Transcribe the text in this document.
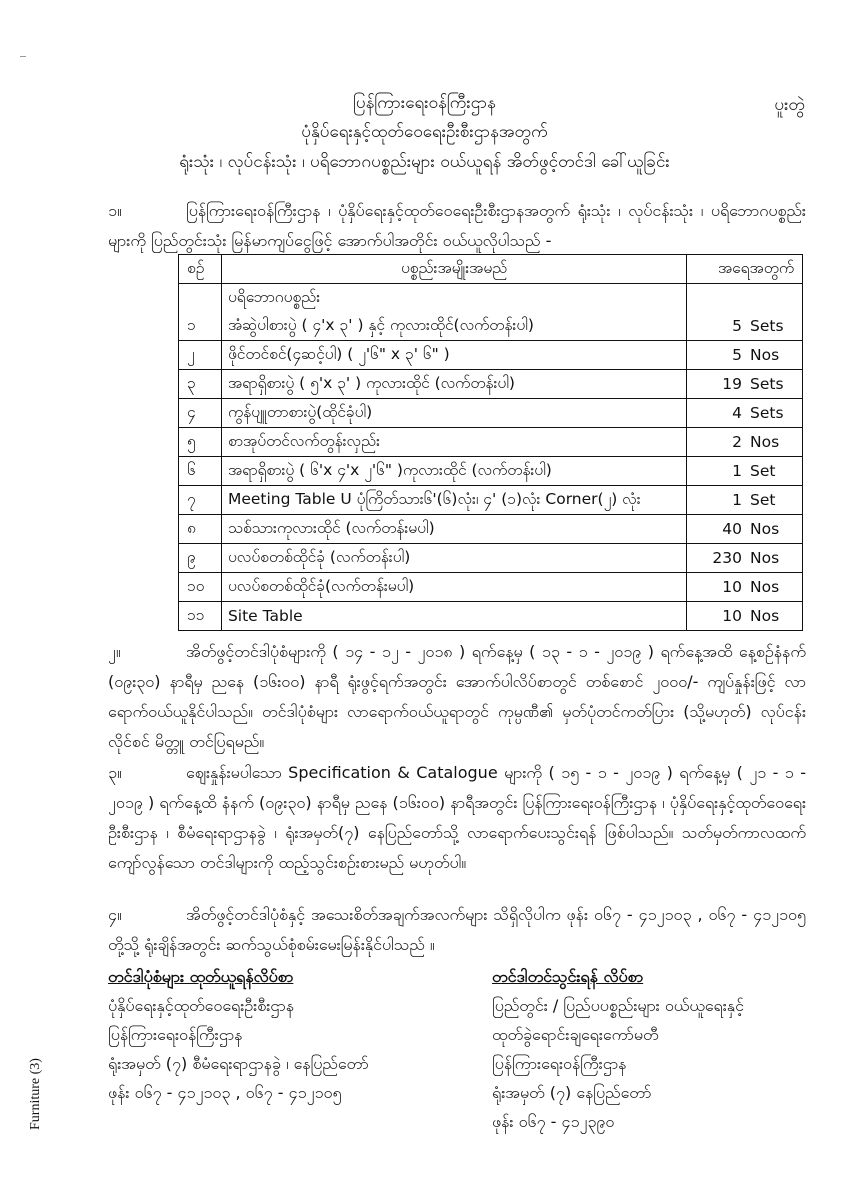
ပူးတွဲ
ပြန်ကြားရေးဝန်ကြီးဌာန
ပုံနှိပ်ရေးနှင့်ထုတ်ဝေရေးဦးစီးဌာနအတွက်
ရုံးသုံး ၊ လုပ်ငန်းသုံး ၊ ပရိဘောဂပစ္စည်းများ ဝယ်ယူရန် အိတ်ဖွင့်တင်ဒါ ခေါ်ယူခြင်း
၁။	ပြန်ကြားရေးဝန်ကြီးဌာန ၊ ပုံနှိပ်ရေးနှင့်ထုတ်ဝေရေးဦးစီးဌာနအတွက် ရုံးသုံး ၊ လုပ်ငန်းသုံး ၊ ပရိဘောဂပစ္စည်းများကို ပြည်တွင်းသုံး မြန်မာကျပ်ငွေဖြင့် အောက်ပါအတိုင်း ဝယ်ယူလိုပါသည် -
စဉ်	ပစ္စည်းအမျိုးအမည်	အရေအတွက်
	ပရိဘောဂပစ္စည်း	
၁	အံဆွဲပါစားပွဲ ( ၄'x ၃' ) နှင့် ကုလားထိုင်(လက်တန်းပါ)	5 Sets
၂	ဖိုင်တင်စင်(၄ဆင့်ပါ) ( ၂'၆" x ၃' ၆" )	5 Nos
၃	အရာရှိစားပွဲ ( ၅'x ၃' ) ကုလားထိုင် (လက်တန်းပါ)	19 Sets
၄	ကွန်ပျူတာစားပွဲ(ထိုင်ခုံပါ)	4 Sets
၅	စာအုပ်တင်လက်တွန်းလှည်း	2 Nos
၆	အရာရှိစားပွဲ ( ၆'x ၄'x ၂'၆" )ကုလားထိုင် (လက်တန်းပါ)	1 Set
၇	Meeting Table U ပုံကြိတ်သား၆'(၆)လုံး၊ ၄' (၁)လုံး Corner(၂) လုံး	1 Set
၈	သစ်သားကုလားထိုင် (လက်တန်းမပါ)	40 Nos
၉	ပလပ်စတစ်ထိုင်ခုံ (လက်တန်းပါ)	230 Nos
၁၀	ပလပ်စတစ်ထိုင်ခုံ(လက်တန်းမပါ)	10 Nos
၁၁	Site Table	10 Nos
၂။	အိတ်ဖွင့်တင်ဒါပုံစံများကို ( ၁၄ - ၁၂ - ၂၀၁၈ ) ရက်နေ့မှ ( ၁၃ - ၁ - ၂၀၁၉ ) ရက်နေ့အထိ နေ့စဉ်နံနက် (၀၉း၃၀) နာရီမှ ညနေ (၁၆း၀၀) နာရီ ရုံးဖွင့်ရက်အတွင်း အောက်ပါလိပ်စာတွင် တစ်စောင် ၂၀၀၀/- ကျပ်နှုန်းဖြင့် လာရောက်ဝယ်ယူနိုင်ပါသည်။ တင်ဒါပုံစံများ လာရောက်ဝယ်ယူရာတွင် ကုမ္ပဏီ၏ မှတ်ပုံတင်ကတ်ပြား (သို့မဟုတ်) လုပ်ငန်းလိုင်စင် မိတ္တူ တင်ပြရမည်။
၃။	ဈေးနှုန်းမပါသော Specification & Catalogue များကို ( ၁၅ - ၁ - ၂၀၁၉ ) ရက်နေ့မှ ( ၂၁ - ၁ - ၂၀၁၉ ) ရက်နေ့ထိ နံနက် (၀၉း၃၀) နာရီမှ ညနေ (၁၆း၀၀) နာရီအတွင်း ပြန်ကြားရေးဝန်ကြီးဌာန ၊ ပုံနှိပ်ရေးနှင့်ထုတ်ဝေရေးဦးစီးဌာန ၊ စီမံရေးရာဌာနခွဲ ၊ ရုံးအမှတ်(၇) နေပြည်တော်သို့ လာရောက်ပေးသွင်းရန် ဖြစ်ပါသည်။ သတ်မှတ်ကာလထက် ကျော်လွန်သော တင်ဒါများကို ထည့်သွင်းစဉ်းစားမည် မဟုတ်ပါ။
၄။	အိတ်ဖွင့်တင်ဒါပုံစံနှင့် အသေးစိတ်အချက်အလက်များ သိရှိလိုပါက ဖုန်း ၀၆၇ - ၄၁၂၁၀၃ , ၀၆၇ - ၄၁၂၁၀၅ တို့သို့ ရုံးချိန်အတွင်း ဆက်သွယ်စုံစမ်းမေးမြန်းနိုင်ပါသည် ။
တင်ဒါပုံစံများ ထုတ်ယူရန်လိပ်စာ
ပုံနှိပ်ရေးနှင့်ထုတ်ဝေရေးဦးစီးဌာန
ပြန်ကြားရေးဝန်ကြီးဌာန
ရုံးအမှတ် (၇) စီမံရေးရာဌာနခွဲ ၊ နေပြည်တော်
ဖုန်း ၀၆၇ - ၄၁၂၁၀၃ , ၀၆၇ - ၄၁၂၁၀၅
တင်ဒါတင်သွင်းရန် လိပ်စာ
ပြည်တွင်း / ပြည်ပပစ္စည်းများ ဝယ်ယူရေးနှင့်
ထုတ်ခွဲရောင်းချရေးကော်မတီ
ပြန်ကြားရေးဝန်ကြီးဌာန
ရုံးအမှတ် (၇) နေပြည်တော်
ဖုန်း ၀၆၇ - ၄၁၂၃၉၀
Furniture (3)
